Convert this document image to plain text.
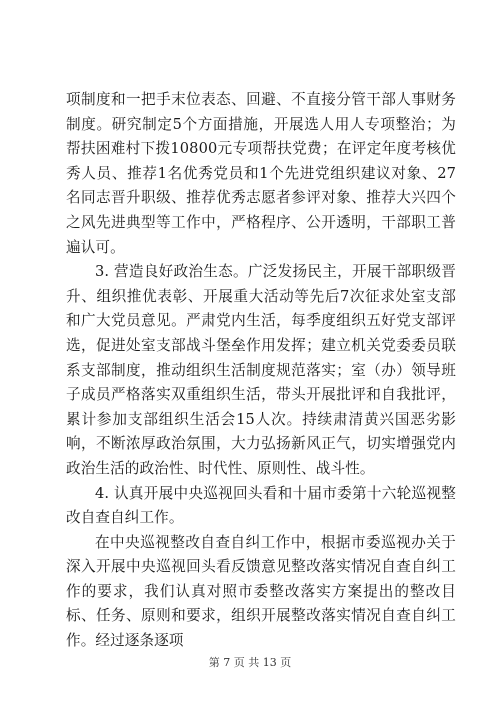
项制度和一把手末位表态、回避、不直接分管干部人事财务制度。研究制定5个方面措施，开展选人用人专项整治；为帮扶困难村下拨10800元专项帮扶党费；在评定年度考核优秀人员、推荐1名优秀党员和1个先进党组织建议对象、27名同志晋升职级、推荐优秀志愿者参评对象、推荐大兴四个之风先进典型等工作中，严格程序、公开透明，干部职工普遍认可。

3. 营造良好政治生态。广泛发扬民主，开展干部职级晋升、组织推优表彰、开展重大活动等先后7次征求处室支部和广大党员意见。严肃党内生活，每季度组织五好党支部评选，促进处室支部战斗堡垒作用发挥；建立机关党委委员联系支部制度，推动组织生活制度规范落实；室（办）领导班子成员严格落实双重组织生活，带头开展批评和自我批评，累计参加支部组织生活会15人次。持续肃清黄兴国恶劣影响，不断浓厚政治氛围，大力弘扬新风正气，切实增强党内政治生活的政治性、时代性、原则性、战斗性。

4. 认真开展中央巡视回头看和十届市委第十六轮巡视整改自查自纠工作。

在中央巡视整改自查自纠工作中，根据市委巡视办关于深入开展中央巡视回头看反馈意见整改落实情况自查自纠工作的要求，我们认真对照市委整改落实方案提出的整改目标、任务、原则和要求，组织开展整改落实情况自查自纠工作。经过逐条逐项

第 7 页 共 13 页
